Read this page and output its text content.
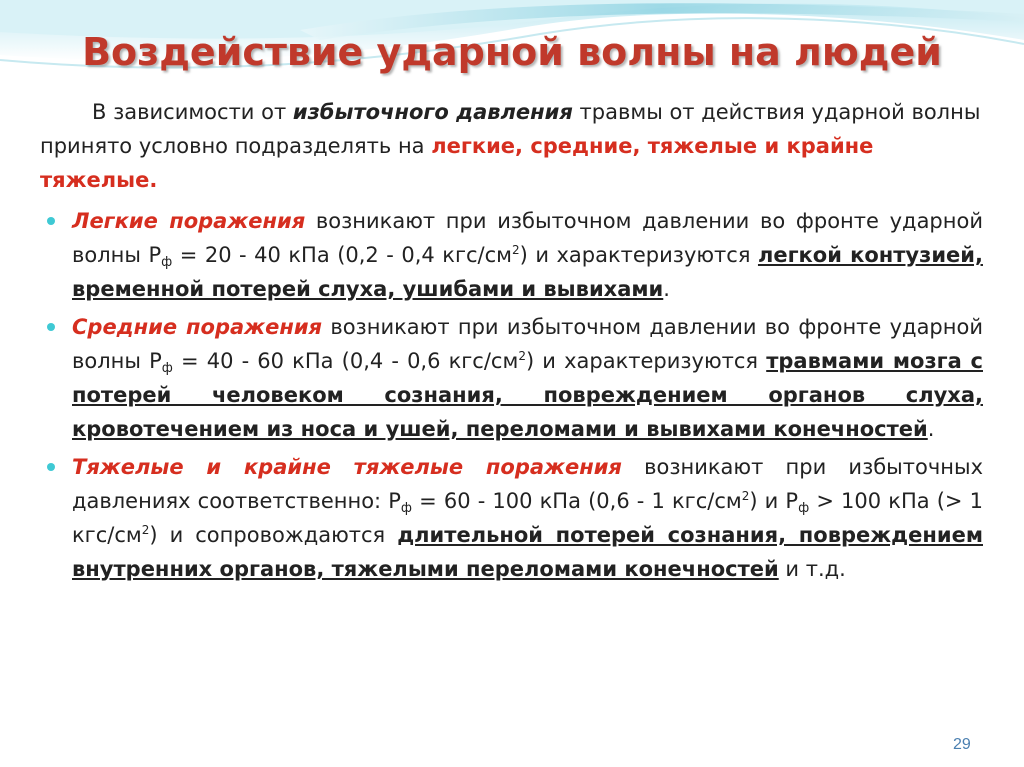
Воздействие ударной волны на людей

В зависимости от избыточного давления травмы от действия ударной волны принято условно подразделять на легкие, средние, тяжелые и крайне тяжелые.

Легкие поражения возникают при избыточном давлении во фронте ударной волны $Р_ф = 20 - 40$ кПа (0,2 - 0,4 кгс/$см^2$) и характеризуются легкой контузией, временной потерей слуха, ушибами и вывихами.

Средние поражения возникают при избыточном давлении во фронте ударной волны $Р_ф = 40 - 60$ кПа (0,4 - 0,6 кгс/$см^2$) и характеризуются травмами мозга с потерей человеком сознания, повреждением органов слуха, кровотечением из носа и ушей, переломами и вывихами конечностей.

Тяжелые и крайне тяжелые поражения возникают при избыточных давлениях соответственно: $Р_ф = 60 - 100$ кПа (0,6 - 1 кгс/$см^2$) и $Р_ф > 100$ кПа (> 1 кгс/$см^2$) и сопровождаются длительной потерей сознания, повреждением внутренних органов, тяжелыми переломами конечностей и т.д.

29
